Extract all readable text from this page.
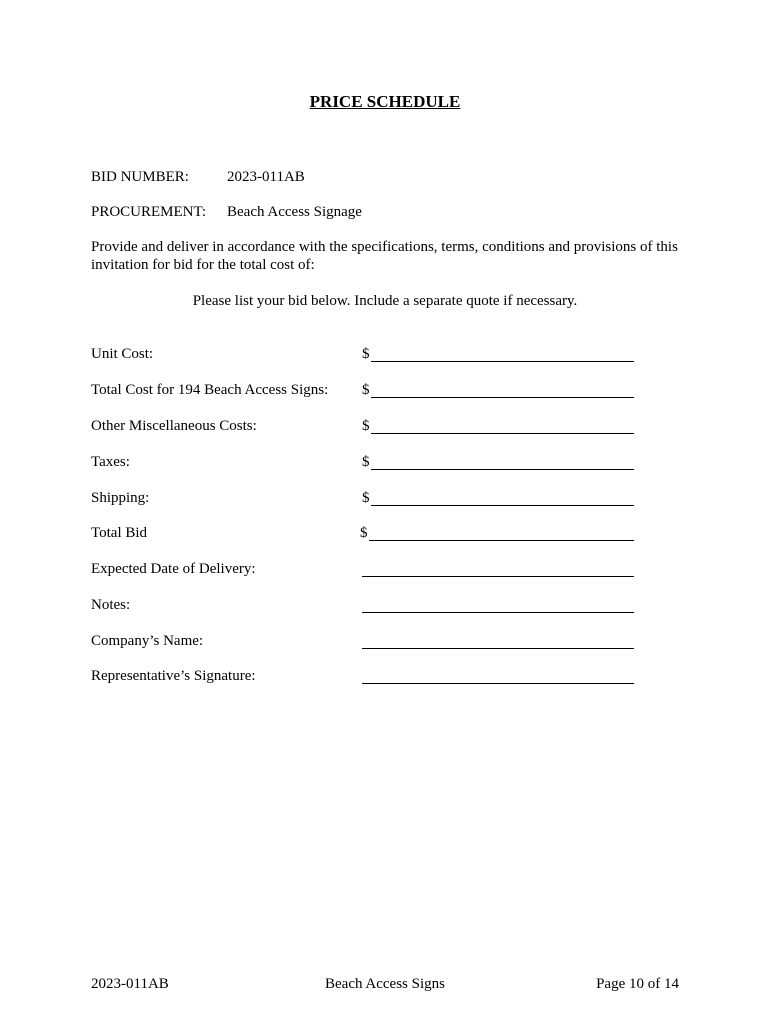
PRICE SCHEDULE
BID NUMBER:	2023-011AB
PROCUREMENT: Beach Access Signage
Provide and deliver in accordance with the specifications, terms, conditions and provisions of this invitation for bid for the total cost of:
Please list your bid below. Include a separate quote if necessary.
Unit Cost:	$
Total Cost for 194 Beach Access Signs: $
Other Miscellaneous Costs:	$
Taxes:	$
Shipping:	$
Total Bid	$
Expected Date of Delivery:
Notes:
Company’s Name:
Representative’s Signature:
2023-011AB	Beach Access Signs	Page 10 of 14
